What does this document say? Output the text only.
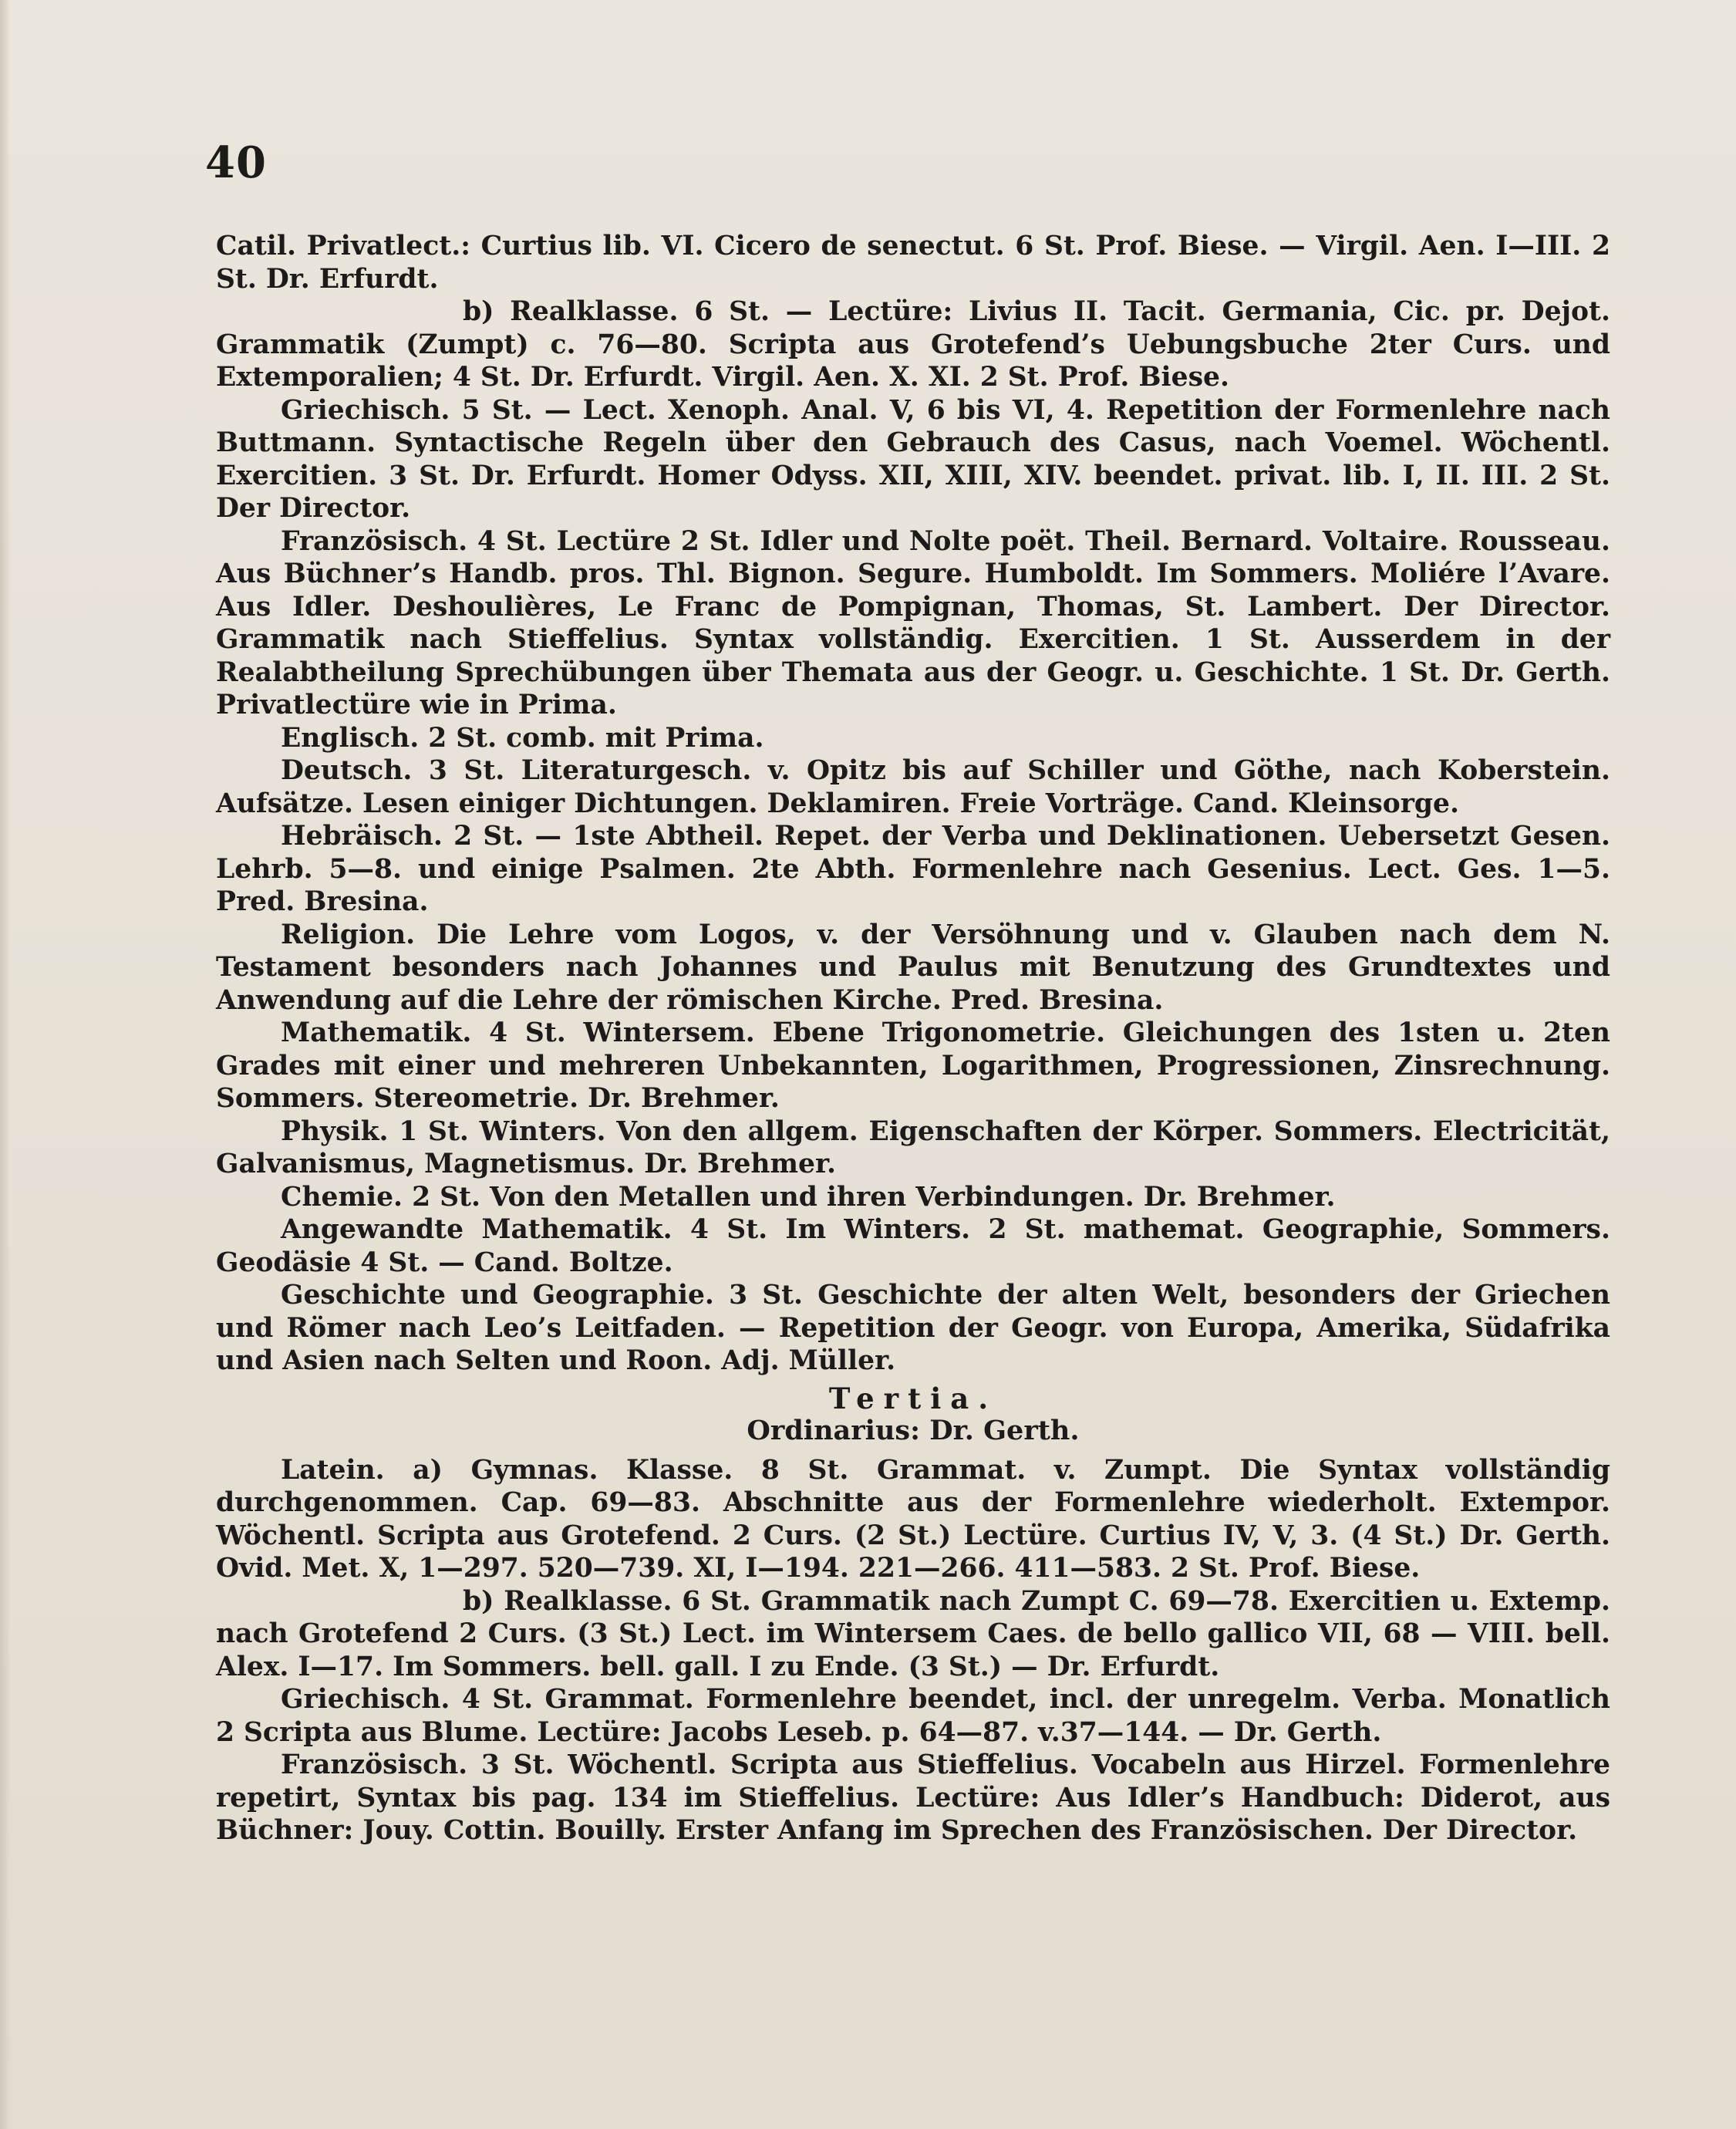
40

Catil. Privatlect.: Curtius lib. VI. Cicero de senectut. 6 St. Prof. Biese. — Virgil. Aen. I—III. 2 St. Dr. Erfurdt.

b) Realklasse. 6 St. — Lectüre: Livius II. Tacit. Germania, Cic. pr. Dejot. Grammatik (Zumpt) c. 76—80. Scripta aus Grotefend’s Uebungsbuche 2ter Curs. und Extemporalien; 4 St. Dr. Erfurdt. Virgil. Aen. X. XI. 2 St. Prof. Biese.

Griechisch. 5 St. — Lect. Xenoph. Anal. V, 6 bis VI, 4. Repetition der Formenlehre nach Buttmann. Syntactische Regeln über den Gebrauch des Casus, nach Voemel. Wöchentl. Exercitien. 3 St. Dr. Erfurdt. Homer Odyss. XII, XIII, XIV. beendet. privat. lib. I, II. III. 2 St. Der Director.

Französisch. 4 St. Lectüre 2 St. Idler und Nolte poët. Theil. Bernard. Voltaire. Rousseau. Aus Büchner’s Handb. pros. Thl. Bignon. Segure. Humboldt. Im Sommers. Moliére l’Avare. Aus Idler. Deshoulières, Le Franc de Pompignan, Thomas, St. Lambert. Der Director. Grammatik nach Stieffelius. Syntax vollständig. Exercitien. 1 St. Ausserdem in der Realabtheilung Sprechübungen über Themata aus der Geogr. u. Geschichte. 1 St. Dr. Gerth. Privatlectüre wie in Prima.

Englisch. 2 St. comb. mit Prima.

Deutsch. 3 St. Literaturgesch. v. Opitz bis auf Schiller und Göthe, nach Koberstein. Aufsätze. Lesen einiger Dichtungen. Deklamiren. Freie Vorträge. Cand. Kleinsorge.

Hebräisch. 2 St. — 1ste Abtheil. Repet. der Verba und Deklinationen. Uebersetzt Gesen. Lehrb. 5—8. und einige Psalmen. 2te Abth. Formenlehre nach Gesenius. Lect. Ges. 1—5. Pred. Bresina.

Religion. Die Lehre vom Logos, v. der Versöhnung und v. Glauben nach dem N. Testament besonders nach Johannes und Paulus mit Benutzung des Grundtextes und Anwendung auf die Lehre der römischen Kirche. Pred. Bresina.

Mathematik. 4 St. Wintersem. Ebene Trigonometrie. Gleichungen des 1sten u. 2ten Grades mit einer und mehreren Unbekannten, Logarithmen, Progressionen, Zinsrechnung. Sommers. Stereometrie. Dr. Brehmer.

Physik. 1 St. Winters. Von den allgem. Eigenschaften der Körper. Sommers. Electricität, Galvanismus, Magnetismus. Dr. Brehmer.

Chemie. 2 St. Von den Metallen und ihren Verbindungen. Dr. Brehmer.

Angewandte Mathematik. 4 St. Im Winters. 2 St. mathemat. Geographie, Sommers. Geodäsie 4 St. — Cand. Boltze.

Geschichte und Geographie. 3 St. Geschichte der alten Welt, besonders der Griechen und Römer nach Leo’s Leitfaden. — Repetition der Geogr. von Europa, Amerika, Südafrika und Asien nach Selten und Roon. Adj. Müller.

Tertia.

Ordinarius: Dr. Gerth.

Latein. a) Gymnas. Klasse. 8 St. Grammat. v. Zumpt. Die Syntax vollständig durchgenommen. Cap. 69—83. Abschnitte aus der Formenlehre wiederholt. Extempor. Wöchentl. Scripta aus Grotefend. 2 Curs. (2 St.) Lectüre. Curtius IV, V, 3. (4 St.) Dr. Gerth. Ovid. Met. X, 1—297. 520—739. XI, I—194. 221—266. 411—583. 2 St. Prof. Biese.

b) Realklasse. 6 St. Grammatik nach Zumpt C. 69—78. Exercitien u. Extemp. nach Grotefend 2 Curs. (3 St.) Lect. im Wintersem Caes. de bello gallico VII, 68 — VIII. bell. Alex. I—17. Im Sommers. bell. gall. I zu Ende. (3 St.) — Dr. Erfurdt.

Griechisch. 4 St. Grammat. Formenlehre beendet, incl. der unregelm. Verba. Monatlich 2 Scripta aus Blume. Lectüre: Jacobs Leseb. p. 64—87. v.37—144. — Dr. Gerth.

Französisch. 3 St. Wöchentl. Scripta aus Stieffelius. Vocabeln aus Hirzel. Formenlehre repetirt, Syntax bis pag. 134 im Stieffelius. Lectüre: Aus Idler’s Handbuch: Diderot, aus Büchner: Jouy. Cottin. Bouilly. Erster Anfang im Sprechen des Französischen. Der Director.
